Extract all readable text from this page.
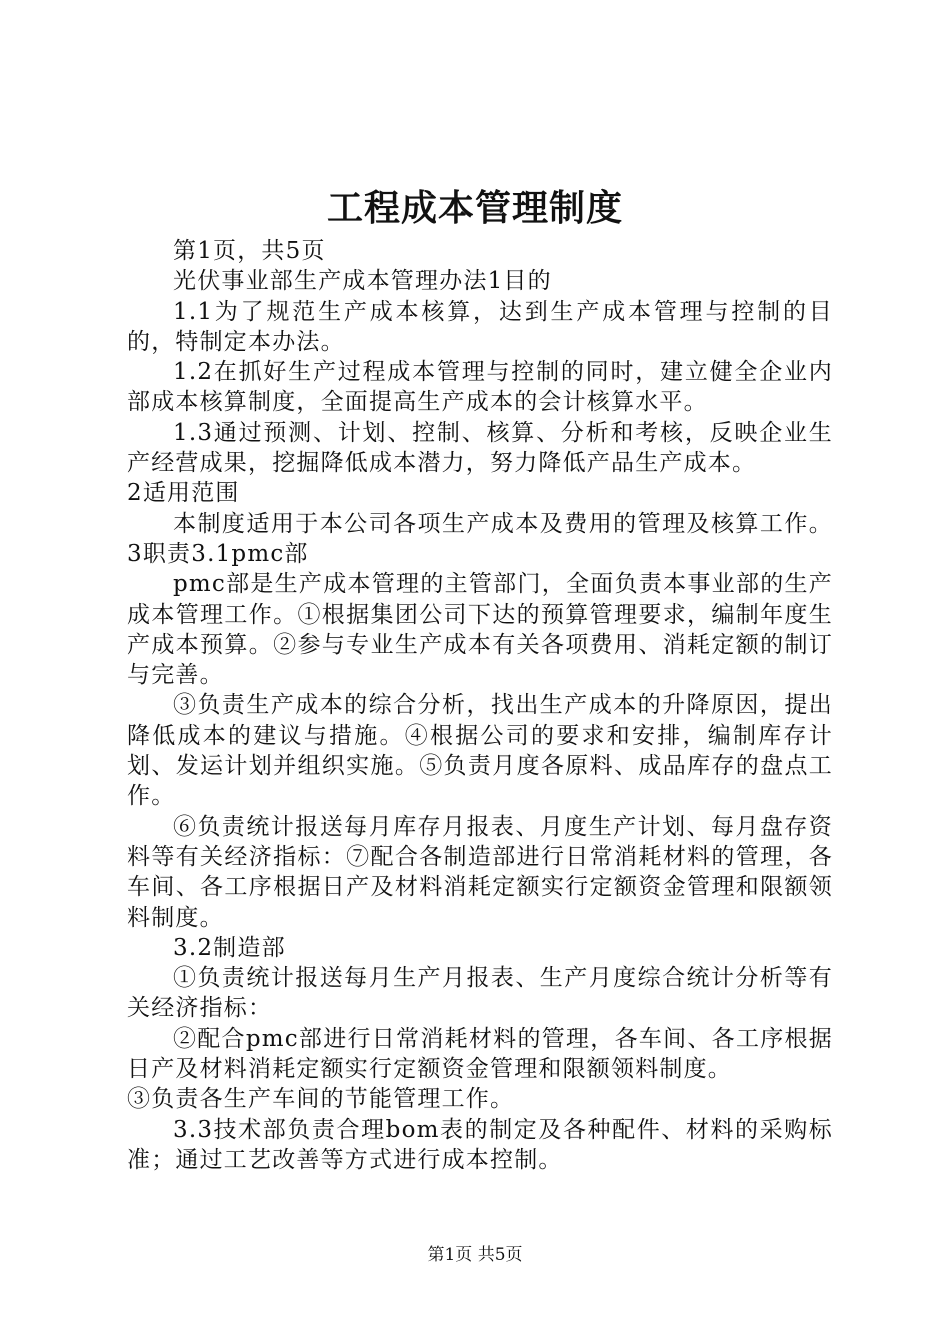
工程成本管理制度

第1页，共5页

光伏事业部生产成本管理办法1目的

1.1为了规范生产成本核算，达到生产成本管理与控制的目的，特制定本办法。

1.2在抓好生产过程成本管理与控制的同时，建立健全企业内部成本核算制度，全面提高生产成本的会计核算水平。

1.3通过预测、计划、控制、核算、分析和考核，反映企业生产经营成果，挖掘降低成本潜力，努力降低产品生产成本。

2适用范围

本制度适用于本公司各项生产成本及费用的管理及核算工作。3职责3.1pmc部

pmc部是生产成本管理的主管部门，全面负责本事业部的生产成本管理工作。①根据集团公司下达的预算管理要求，编制年度生产成本预算。②参与专业生产成本有关各项费用、消耗定额的制订与完善。

③负责生产成本的综合分析，找出生产成本的升降原因，提出降低成本的建议与措施。④根据公司的要求和安排，编制库存计划、发运计划并组织实施。⑤负责月度各原料、成品库存的盘点工作。

⑥负责统计报送每月库存月报表、月度生产计划、每月盘存资料等有关经济指标：⑦配合各制造部进行日常消耗材料的管理，各车间、各工序根据日产及材料消耗定额实行定额资金管理和限额领料制度。

3.2制造部

①负责统计报送每月生产月报表、生产月度综合统计分析等有关经济指标：

②配合pmc部进行日常消耗材料的管理，各车间、各工序根据日产及材料消耗定额实行定额资金管理和限额领料制度。

③负责各生产车间的节能管理工作。

3.3技术部负责合理bom表的制定及各种配件、材料的采购标准；通过工艺改善等方式进行成本控制。

第1页 共5页
